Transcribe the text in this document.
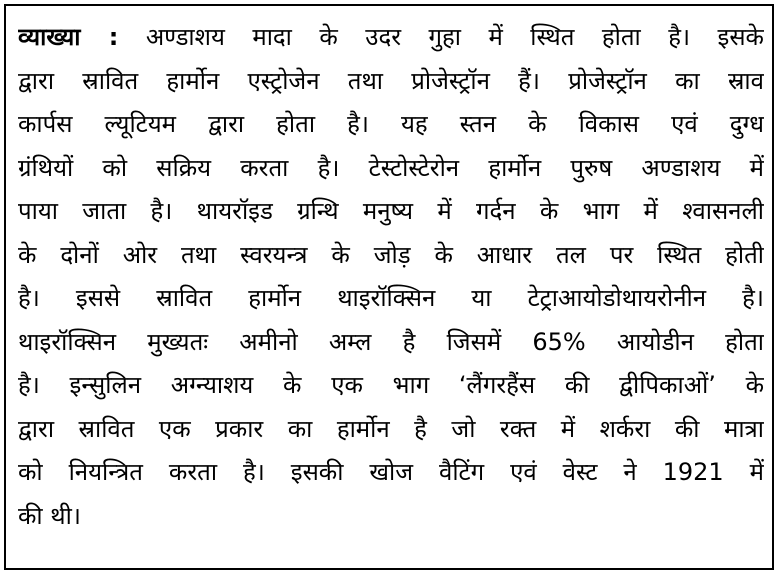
व्याख्या : अण्डाशय मादा के उदर गुहा में स्थित होता है। इसके

द्वारा स्रावित हार्मोन एस्ट्रोजेन तथा प्रोजेस्ट्रॉन हैं। प्रोजेस्ट्रॉन का स्राव

कार्पस ल्यूटियम द्वारा होता है। यह स्तन के विकास एवं दुग्ध

ग्रंथियों को सक्रिय करता है। टेस्टोस्टेरोन हार्मोन पुरुष अण्डाशय में

पाया जाता है। थायरॉइड ग्रन्थि मनुष्य में गर्दन के भाग में श्वासनली

के दोनों ओर तथा स्वरयन्त्र के जोड़ के आधार तल पर स्थित होती

है। इससे स्रावित हार्मोन थाइरॉक्सिन या टेट्राआयोडोथायरोनीन है।

थाइरॉक्सिन मुख्यतः अमीनो अम्ल है जिसमें 65% आयोडीन होता

है। इन्सुलिन अग्न्याशय के एक भाग ‘लैंगरहैंस की द्वीपिकाओं’ के

द्वारा स्रावित एक प्रकार का हार्मोन है जो रक्त में शर्करा की मात्रा

को नियन्त्रित करता है। इसकी खोज वैटिंग एवं वेस्ट ने 1921 में

की थी।
